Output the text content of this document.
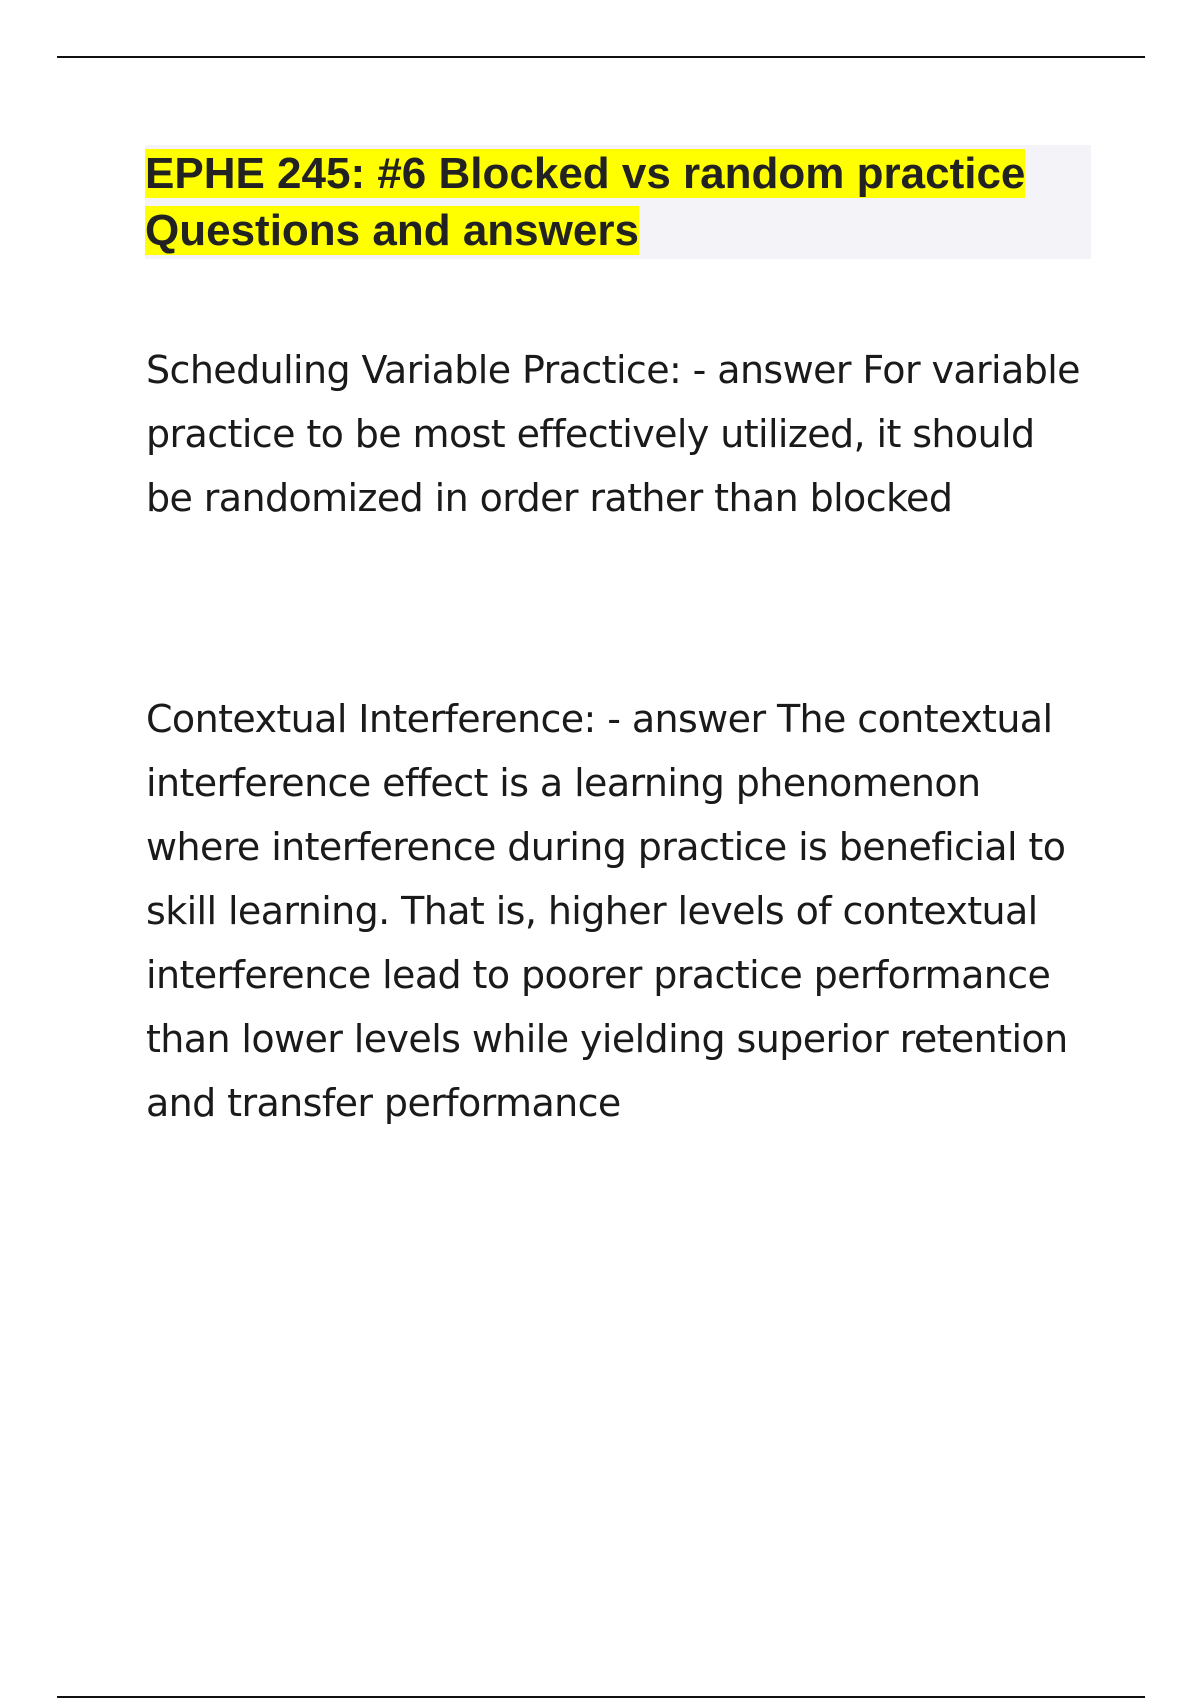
EPHE 245: #6 Blocked vs random practice Questions and answers

Scheduling Variable Practice: - answer For variable practice to be most effectively utilized, it should be randomized in order rather than blocked

Contextual Interference: - answer The contextual interference effect is a learning phenomenon where interference during practice is beneficial to skill learning. That is, higher levels of contextual interference lead to poorer practice performance than lower levels while yielding superior retention and transfer performance
